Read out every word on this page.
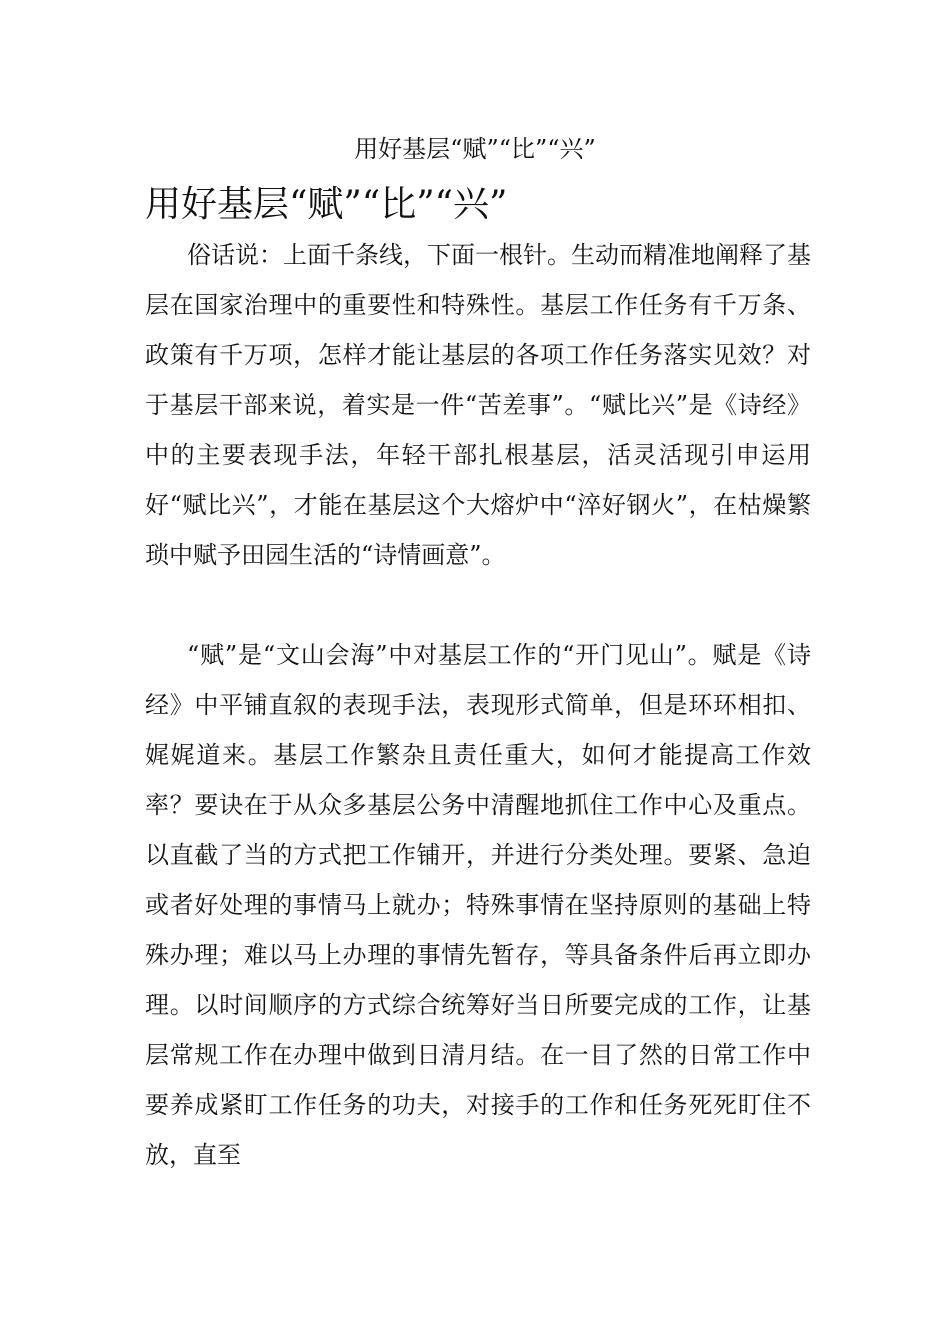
用好基层“赋”“比”“兴”
用好基层“赋”“比”“兴”

俗话说：上面千条线，下面一根针。生动而精准地阐释了基层在国家治理中的重要性和特殊性。基层工作任务有千万条、政策有千万项，怎样才能让基层的各项工作任务落实见效？对于基层干部来说，着实是一件“苦差事”。“赋比兴”是《诗经》中的主要表现手法，年轻干部扎根基层，活灵活现引申运用好“赋比兴”，才能在基层这个大熔炉中“淬好钢火”，在枯燥繁琐中赋予田园生活的“诗情画意”。

“赋”是“文山会海”中对基层工作的“开门见山”。赋是《诗经》中平铺直叙的表现手法，表现形式简单，但是环环相扣、娓娓道来。基层工作繁杂且责任重大，如何才能提高工作效率？要诀在于从众多基层公务中清醒地抓住工作中心及重点。以直截了当的方式把工作铺开，并进行分类处理。要紧、急迫或者好处理的事情马上就办；特殊事情在坚持原则的基础上特殊办理；难以马上办理的事情先暂存，等具备条件后再立即办理。以时间顺序的方式综合统筹好当日所要完成的工作，让基层常规工作在办理中做到日清月结。在一目了然的日常工作中要养成紧盯工作任务的功夫，对接手的工作和任务死死盯住不放，直至
